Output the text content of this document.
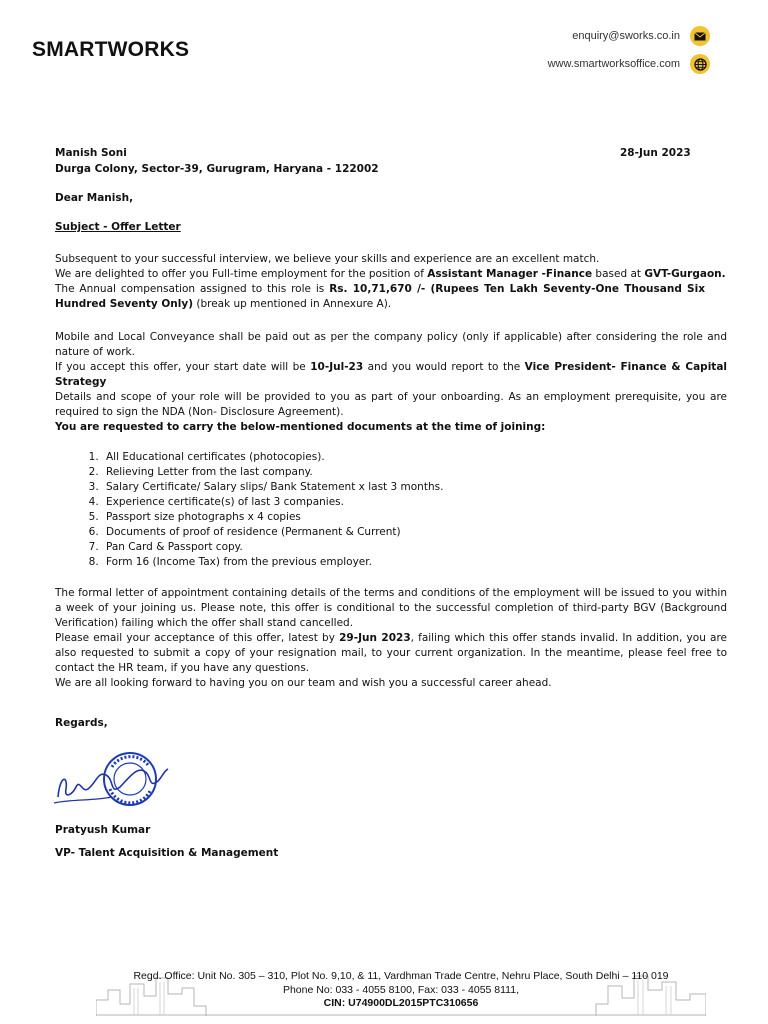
SMARTWORKS
enquiry@sworks.co.in
www.smartworksoffice.com
Manish Soni	28-Jun 2023
Durga Colony, Sector-39, Gurugram, Haryana - 122002
Dear Manish,
Subject - Offer Letter
Subsequent to your successful interview, we believe your skills and experience are an excellent match.
We are delighted to offer you Full-time employment for the position of Assistant Manager -Finance based at GVT-Gurgaon.
The Annual compensation assigned to this role is Rs. 10,71,670 /- (Rupees Ten Lakh Seventy-One Thousand Six Hundred Seventy Only) (break up mentioned in Annexure A).
Mobile and Local Conveyance shall be paid out as per the company policy (only if applicable) after considering the role and nature of work.
If you accept this offer, your start date will be 10-Jul-23 and you would report to the Vice President- Finance & Capital Strategy
Details and scope of your role will be provided to you as part of your onboarding. As an employment prerequisite, you are required to sign the NDA (Non- Disclosure Agreement).
You are requested to carry the below-mentioned documents at the time of joining:
1. All Educational certificates (photocopies).
2. Relieving Letter from the last company.
3. Salary Certificate/ Salary slips/ Bank Statement x last 3 months.
4. Experience certificate(s) of last 3 companies.
5. Passport size photographs x 4 copies
6. Documents of proof of residence (Permanent & Current)
7. Pan Card & Passport copy.
8. Form 16 (Income Tax) from the previous employer.
The formal letter of appointment containing details of the terms and conditions of the employment will be issued to you within a week of your joining us. Please note, this offer is conditional to the successful completion of third-party BGV (Background Verification) failing which the offer shall stand cancelled.
Please email your acceptance of this offer, latest by 29-Jun 2023, failing which this offer stands invalid. In addition, you are also requested to submit a copy of your resignation mail, to your current organization. In the meantime, please feel free to contact the HR team, if you have any questions.
We are all looking forward to having you on our team and wish you a successful career ahead.
Regards,
Pratyush Kumar
VP- Talent Acquisition & Management
Regd. Office: Unit No. 305 – 310, Plot No. 9,10, & 11, Vardhman Trade Centre, Nehru Place, South Delhi – 110 019
Phone No: 033 - 4055 8100, Fax: 033 - 4055 8111,
CIN: U74900DL2015PTC310656
